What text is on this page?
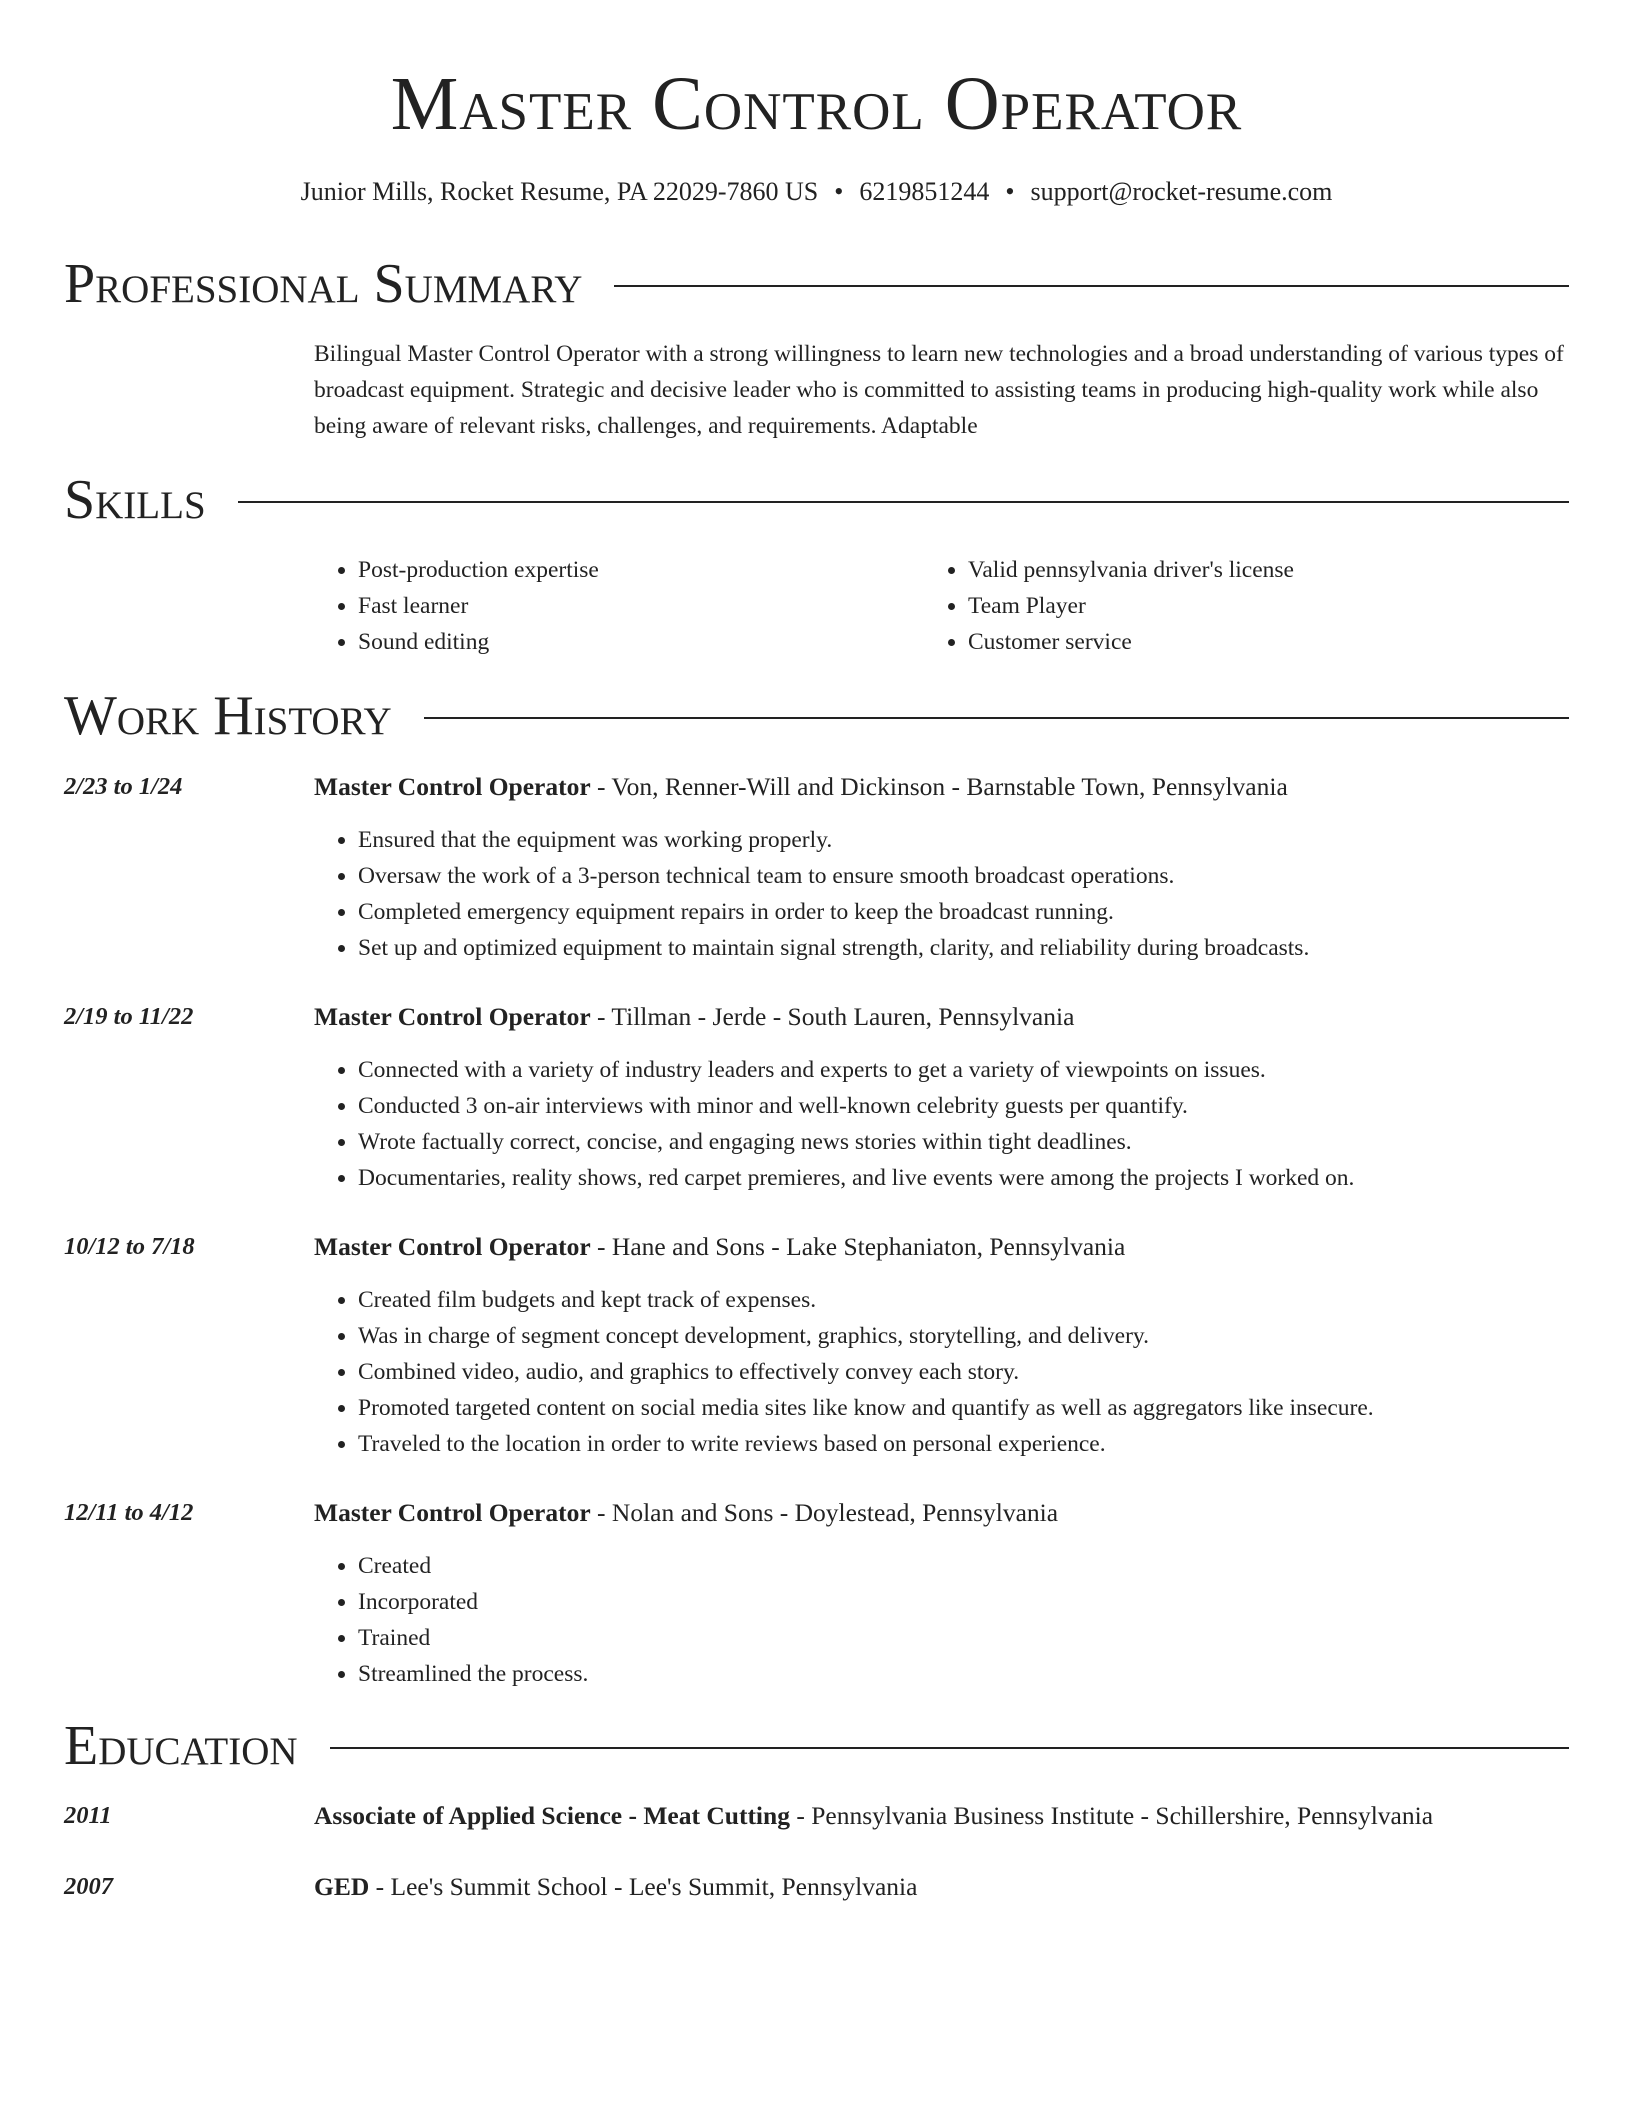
Master Control Operator
Junior Mills, Rocket Resume, PA 22029-7860 US • 6219851244 • support@rocket-resume.com
Professional Summary
Bilingual Master Control Operator with a strong willingness to learn new technologies and a broad understanding of various types of broadcast equipment. Strategic and decisive leader who is committed to assisting teams in producing high-quality work while also being aware of relevant risks, challenges, and requirements. Adaptable
Skills
• Post-production expertise
• Fast learner
• Sound editing
• Valid pennsylvania driver's license
• Team Player
• Customer service
Work History
2/23 to 1/24	Master Control Operator - Von, Renner-Will and Dickinson - Barnstable Town, Pennsylvania
• Ensured that the equipment was working properly.
• Oversaw the work of a 3-person technical team to ensure smooth broadcast operations.
• Completed emergency equipment repairs in order to keep the broadcast running.
• Set up and optimized equipment to maintain signal strength, clarity, and reliability during broadcasts.
2/19 to 11/22	Master Control Operator - Tillman - Jerde - South Lauren, Pennsylvania
• Connected with a variety of industry leaders and experts to get a variety of viewpoints on issues.
• Conducted 3 on-air interviews with minor and well-known celebrity guests per quantify.
• Wrote factually correct, concise, and engaging news stories within tight deadlines.
• Documentaries, reality shows, red carpet premieres, and live events were among the projects I worked on.
10/12 to 7/18	Master Control Operator - Hane and Sons - Lake Stephaniaton, Pennsylvania
• Created film budgets and kept track of expenses.
• Was in charge of segment concept development, graphics, storytelling, and delivery.
• Combined video, audio, and graphics to effectively convey each story.
• Promoted targeted content on social media sites like know and quantify as well as aggregators like insecure.
• Traveled to the location in order to write reviews based on personal experience.
12/11 to 4/12	Master Control Operator - Nolan and Sons - Doylestead, Pennsylvania
• Created
• Incorporated
• Trained
• Streamlined the process.
Education
2011	Associate of Applied Science - Meat Cutting - Pennsylvania Business Institute - Schillershire, Pennsylvania
2007	GED - Lee's Summit School - Lee's Summit, Pennsylvania
